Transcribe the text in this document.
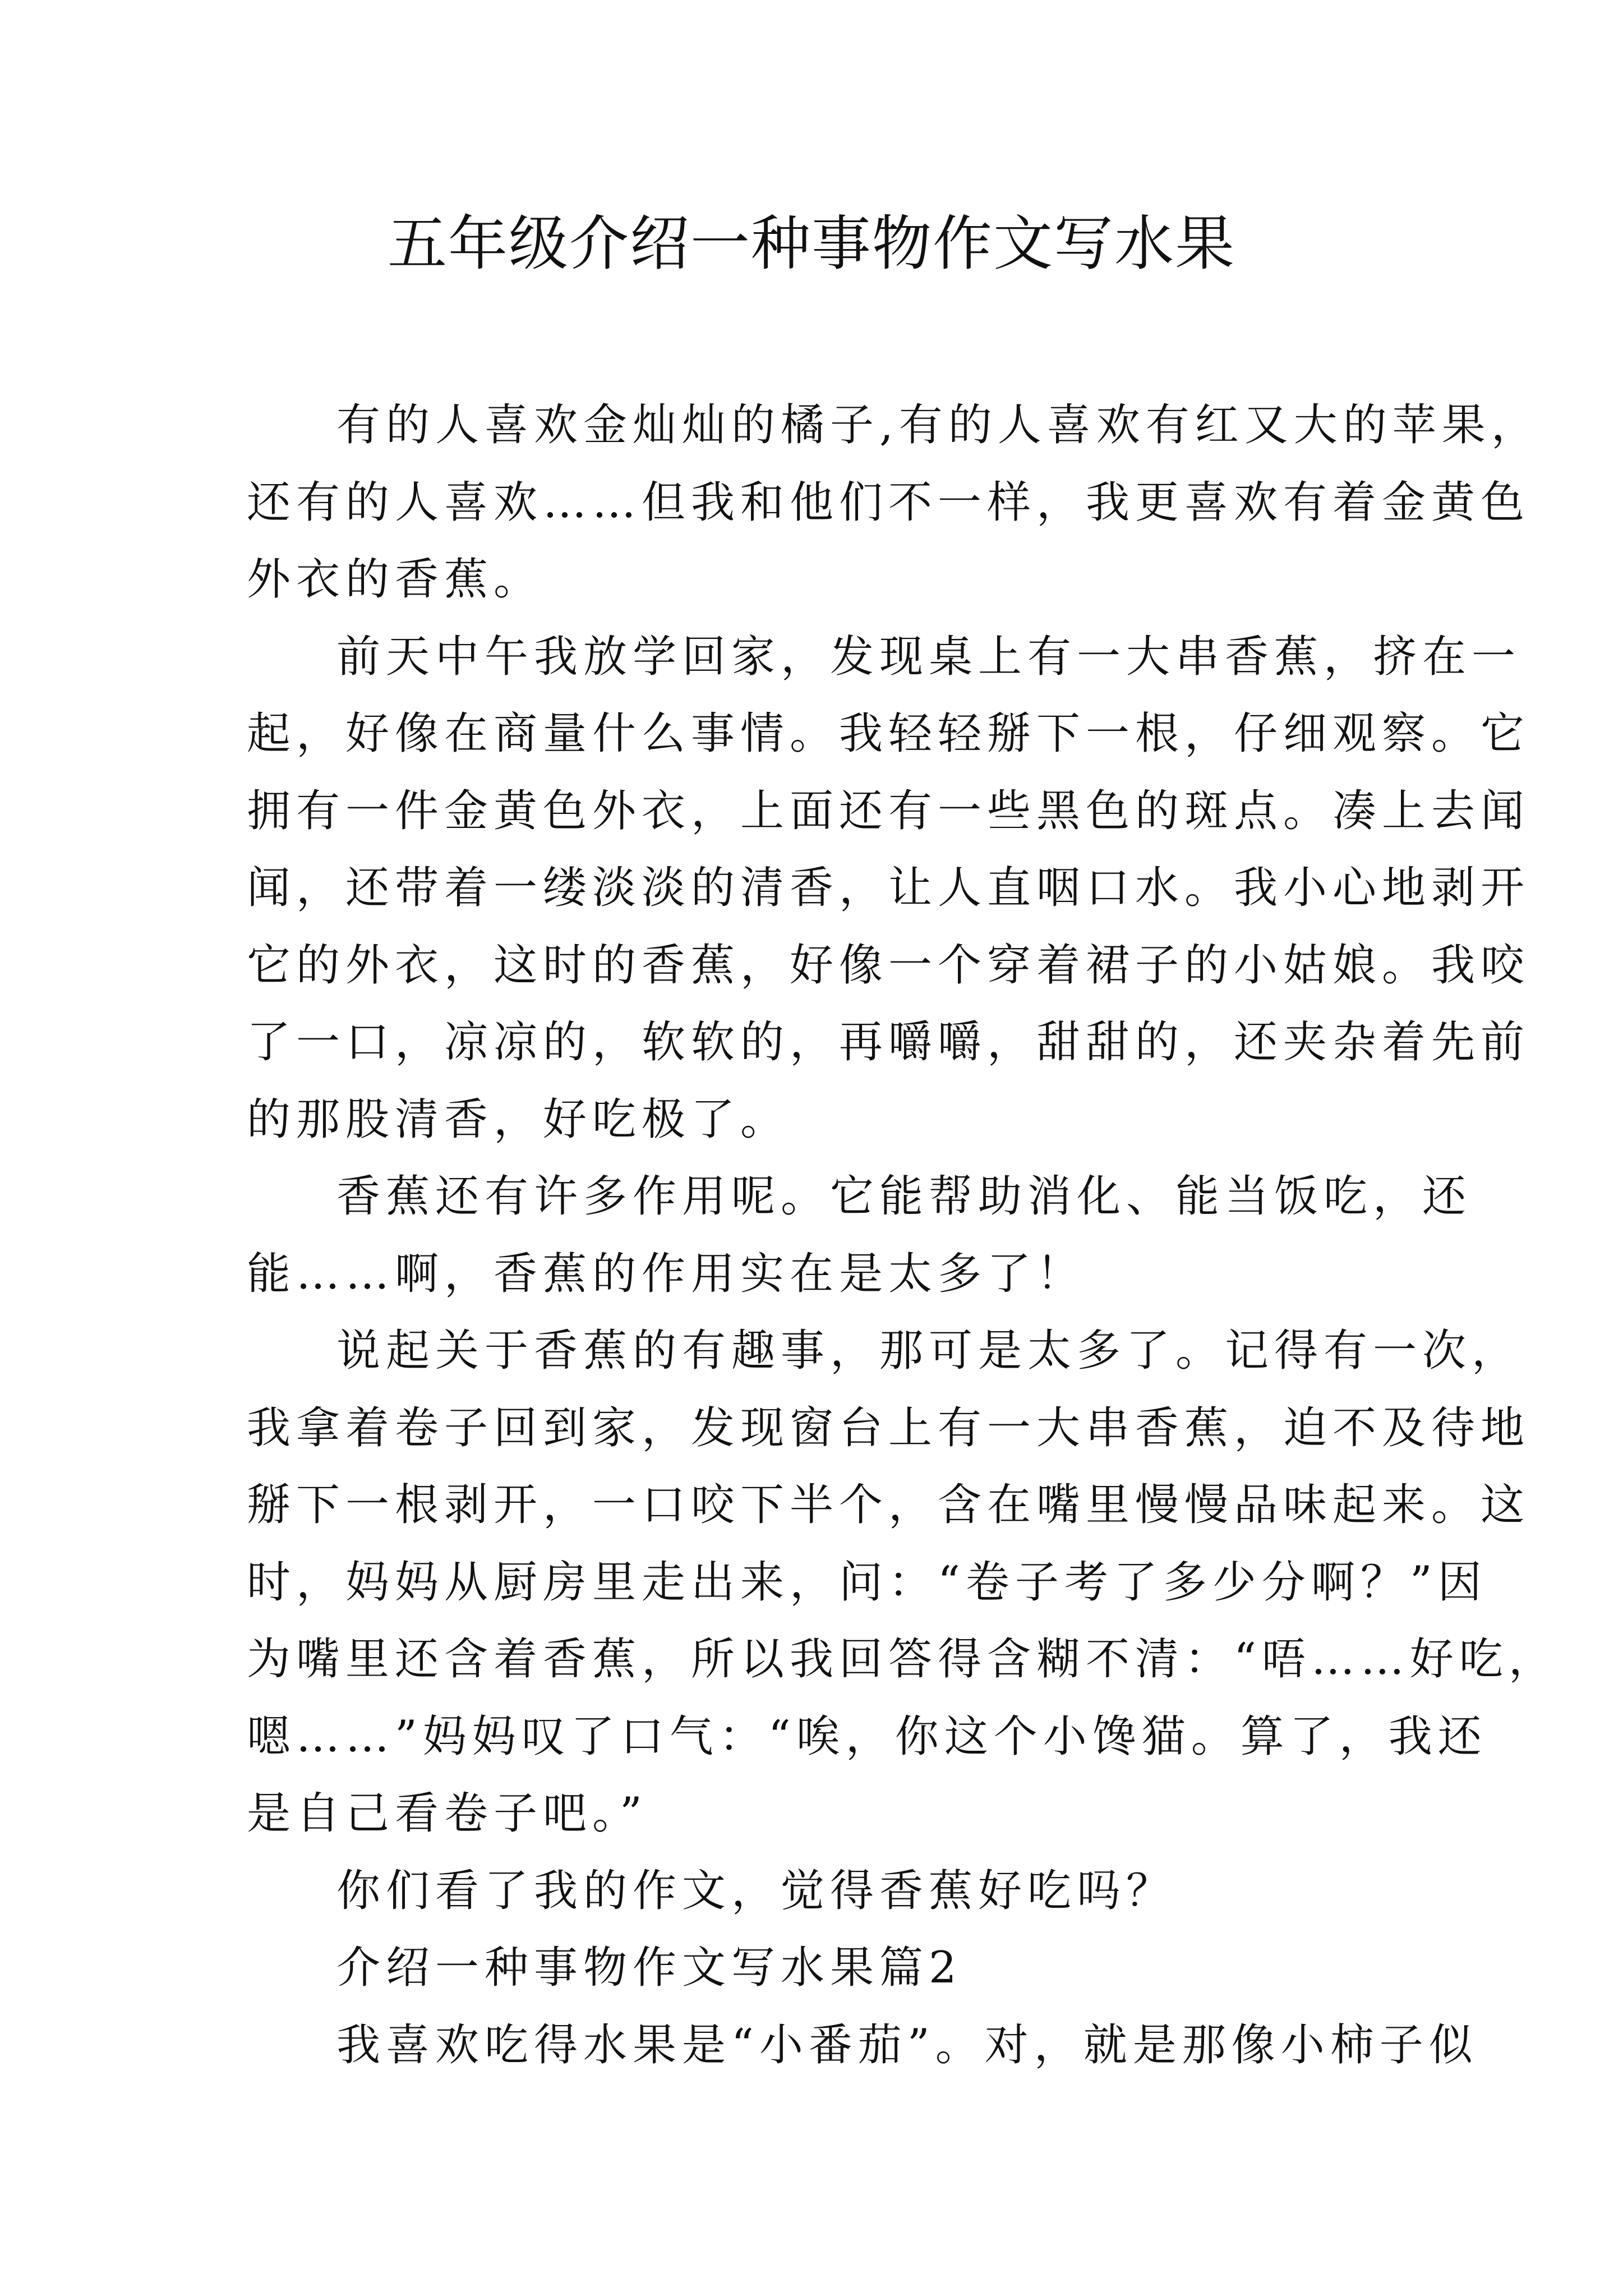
五年级介绍一种事物作文写水果
有的人喜欢金灿灿的橘子,有的人喜欢有红又大的苹果，
还有的人喜欢……但我和他们不一样，我更喜欢有着金黄色
外衣的香蕉。
前天中午我放学回家，发现桌上有一大串香蕉，挤在一
起，好像在商量什么事情。我轻轻掰下一根，仔细观察。它
拥有一件金黄色外衣，上面还有一些黑色的斑点。凑上去闻
闻，还带着一缕淡淡的清香，让人直咽口水。我小心地剥开
它的外衣，这时的香蕉，好像一个穿着裙子的小姑娘。我咬
了一口，凉凉的，软软的，再嚼嚼，甜甜的，还夹杂着先前
的那股清香，好吃极了。
香蕉还有许多作用呢。它能帮助消化、能当饭吃，还
能……啊，香蕉的作用实在是太多了！
说起关于香蕉的有趣事，那可是太多了。记得有一次，
我拿着卷子回到家，发现窗台上有一大串香蕉，迫不及待地
掰下一根剥开，一口咬下半个，含在嘴里慢慢品味起来。这
时，妈妈从厨房里走出来，问：“卷子考了多少分啊？”因
为嘴里还含着香蕉，所以我回答得含糊不清：“唔……好吃，
嗯……”妈妈叹了口气：“唉，你这个小馋猫。算了，我还
是自己看卷子吧。”
你们看了我的作文，觉得香蕉好吃吗？
介绍一种事物作文写水果篇2
我喜欢吃得水果是“小番茄”。对，就是那像小柿子似
